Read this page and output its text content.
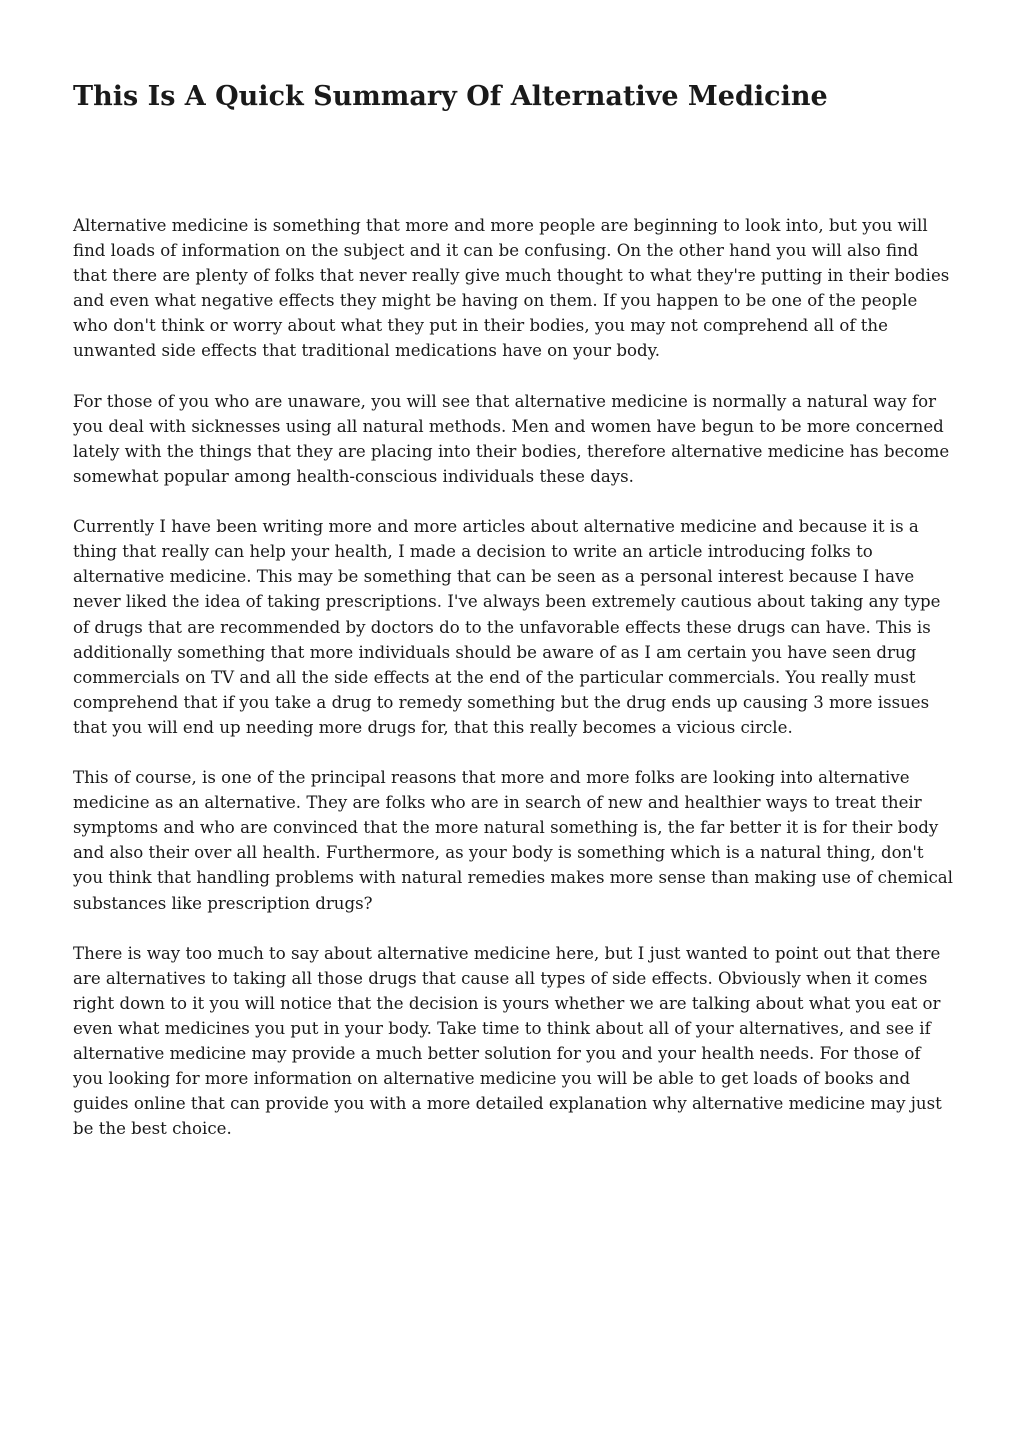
This Is A Quick Summary Of Alternative Medicine

Alternative medicine is something that more and more people are beginning to look into, but you will find loads of information on the subject and it can be confusing. On the other hand you will also find that there are plenty of folks that never really give much thought to what they're putting in their bodies and even what negative effects they might be having on them. If you happen to be one of the people who don't think or worry about what they put in their bodies, you may not comprehend all of the unwanted side effects that traditional medications have on your body.

For those of you who are unaware, you will see that alternative medicine is normally a natural way for you deal with sicknesses using all natural methods. Men and women have begun to be more concerned lately with the things that they are placing into their bodies, therefore alternative medicine has become somewhat popular among health-conscious individuals these days.

Currently I have been writing more and more articles about alternative medicine and because it is a thing that really can help your health, I made a decision to write an article introducing folks to alternative medicine. This may be something that can be seen as a personal interest because I have never liked the idea of taking prescriptions. I've always been extremely cautious about taking any type of drugs that are recommended by doctors do to the unfavorable effects these drugs can have. This is additionally something that more individuals should be aware of as I am certain you have seen drug commercials on TV and all the side effects at the end of the particular commercials. You really must comprehend that if you take a drug to remedy something but the drug ends up causing 3 more issues that you will end up needing more drugs for, that this really becomes a vicious circle.

This of course, is one of the principal reasons that more and more folks are looking into alternative medicine as an alternative. They are folks who are in search of new and healthier ways to treat their symptoms and who are convinced that the more natural something is, the far better it is for their body and also their over all health. Furthermore, as your body is something which is a natural thing, don't you think that handling problems with natural remedies makes more sense than making use of chemical substances like prescription drugs?

There is way too much to say about alternative medicine here, but I just wanted to point out that there are alternatives to taking all those drugs that cause all types of side effects. Obviously when it comes right down to it you will notice that the decision is yours whether we are talking about what you eat or even what medicines you put in your body. Take time to think about all of your alternatives, and see if alternative medicine may provide a much better solution for you and your health needs. For those of you looking for more information on alternative medicine you will be able to get loads of books and guides online that can provide you with a more detailed explanation why alternative medicine may just be the best choice.
